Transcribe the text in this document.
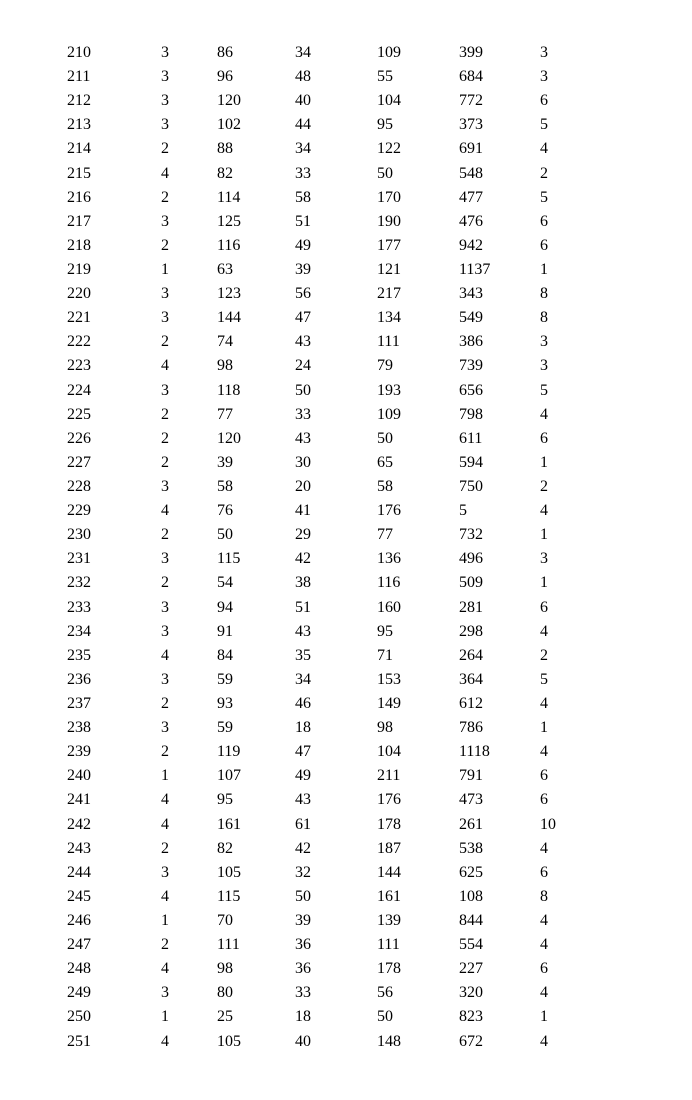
	210	3	86	34	109	399	3
	211	3	96	48	55	684	3
	212	3	120	40	104	772	6
	213	3	102	44	95	373	5
	214	2	88	34	122	691	4
	215	4	82	33	50	548	2
	216	2	114	58	170	477	5
	217	3	125	51	190	476	6
	218	2	116	49	177	942	6
	219	1	63	39	121	1137	1
	220	3	123	56	217	343	8
	221	3	144	47	134	549	8
	222	2	74	43	111	386	3
	223	4	98	24	79	739	3
	224	3	118	50	193	656	5
	225	2	77	33	109	798	4
	226	2	120	43	50	611	6
	227	2	39	30	65	594	1
	228	3	58	20	58	750	2
	229	4	76	41	176	5	4
	230	2	50	29	77	732	1
	231	3	115	42	136	496	3
	232	2	54	38	116	509	1
	233	3	94	51	160	281	6
	234	3	91	43	95	298	4
	235	4	84	35	71	264	2
	236	3	59	34	153	364	5
	237	2	93	46	149	612	4
	238	3	59	18	98	786	1
	239	2	119	47	104	1118	4
	240	1	107	49	211	791	6
	241	4	95	43	176	473	6
	242	4	161	61	178	261	10
	243	2	82	42	187	538	4
	244	3	105	32	144	625	6
	245	4	115	50	161	108	8
	246	1	70	39	139	844	4
	247	2	111	36	111	554	4
	248	4	98	36	178	227	6
	249	3	80	33	56	320	4
	250	1	25	18	50	823	1
	251	4	105	40	148	672	4
